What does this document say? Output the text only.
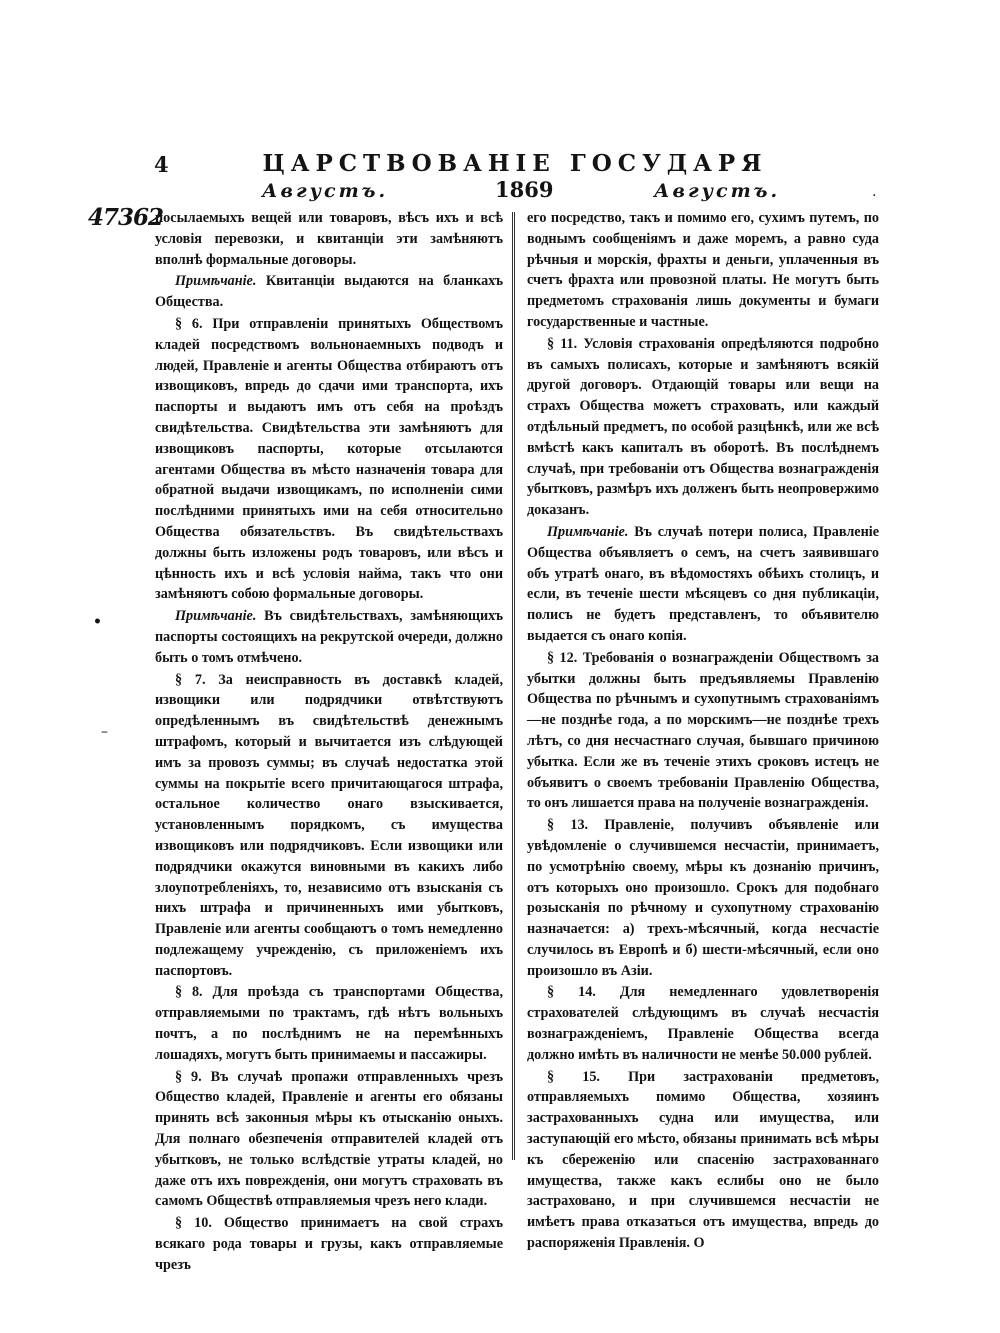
4	ЦАРСТВОВАНІЕ ГОСУДАРЯ
Августъ.	1869	Августъ.	.
47362
•
–

посылаемыхъ вещей или товаровъ, вѣсъ ихъ и всѣ условія перевозки, и квитанціи эти замѣняютъ вполнѣ формальные договоры.

Примѣчаніе. Квитанціи выдаются на бланкахъ Общества.

§ 6. При отправленіи принятыхъ Обществомъ кладей посредствомъ вольнонаемныхъ подводъ и людей, Правленіе и агенты Общества отбираютъ отъ извощиковъ, впредь до сдачи ими транспорта, ихъ паспорты и выдаютъ имъ отъ себя на проѣздъ свидѣтельства. Свидѣтельства эти замѣняютъ для извощиковъ паспорты, которые отсылаются агентами Общества въ мѣсто назначенія товара для обратной выдачи извощикамъ, по исполненіи сими послѣдними принятыхъ ими на себя относительно Общества обязательствъ. Въ свидѣтельствахъ должны быть изложены родъ товаровъ, или вѣсъ и цѣнность ихъ и всѣ условія найма, такъ что они замѣняютъ собою формальные договоры.

Примѣчаніе. Въ свидѣтельствахъ, замѣняющихъ паспорты состоящихъ на рекрутской очереди, должно быть о томъ отмѣчено.

§ 7. За неисправность въ доставкѣ кладей, извощики или подрядчики отвѣтствуютъ опредѣленнымъ въ свидѣтельствѣ денежнымъ штрафомъ, который и вычитается изъ слѣдующей имъ за провозъ суммы; въ случаѣ недостатка этой суммы на покрытіе всего причитающагося штрафа, остальное количество онаго взыскивается, установленнымъ порядкомъ, съ имущества извощиковъ или подрядчиковъ. Если извощики или подрядчики окажутся виновными въ какихъ либо злоупотребленіяхъ, то, независимо отъ взысканія съ нихъ штрафа и причиненныхъ ими убытковъ, Правленіе или агенты сообщаютъ о томъ немедленно подлежащему учрежденію, съ приложеніемъ ихъ паспортовъ.

§ 8. Для проѣзда съ транспортами Общества, отправляемыми по трактамъ, гдѣ нѣтъ вольныхъ почтъ, а по послѣднимъ не на перемѣнныхъ лошадяхъ, могутъ быть принимаемы и пассажиры.

§ 9. Въ случаѣ пропажи отправленныхъ чрезъ Общество кладей, Правленіе и агенты его обязаны принять всѣ законныя мѣры къ отысканію оныхъ. Для полнаго обезпеченія отправителей кладей отъ убытковъ, не только вслѣдствіе утраты кладей, но даже отъ ихъ поврежденія, они могутъ страховать въ самомъ Обществѣ отправляемыя чрезъ него клади.

§ 10. Общество принимаетъ на свой страхъ всякаго рода товары и грузы, какъ отправляемые чрезъ

его посредство, такъ и помимо его, сухимъ путемъ, по воднымъ сообщеніямъ и даже моремъ, а равно суда рѣчныя и морскія, фрахты и деньги, уплаченныя въ счетъ фрахта или провозной платы. Не могутъ быть предметомъ страхованія лишь документы и бумаги государственные и частные.

§ 11. Условія страхованія опредѣляются подробно въ самыхъ полисахъ, которые и замѣняютъ всякій другой договоръ. Отдающій товары или вещи на страхъ Общества можетъ страховать, или каждый отдѣльный предметъ, по особой разцѣнкѣ, или же всѣ вмѣстѣ какъ капиталъ въ оборотѣ. Въ послѣднемъ случаѣ, при требованіи отъ Общества вознагражденія убытковъ, размѣръ ихъ долженъ быть неопровержимо доказанъ.

Примѣчаніе. Въ случаѣ потери полиса, Правленіе Общества объявляетъ о семъ, на счетъ заявившаго объ утратѣ онаго, въ вѣдомостяхъ обѣихъ столицъ, и если, въ теченіе шести мѣсяцевъ со дня публикаціи, полисъ не будетъ представленъ, то объявителю выдается съ онаго копія.

§ 12. Требованія о вознагражденіи Обществомъ за убытки должны быть предъявляемы Правленію Общества по рѣчнымъ и сухопутнымъ страхованіямъ—не позднѣе года, а по морскимъ—не позднѣе трехъ лѣтъ, со дня несчастнаго случая, бывшаго причиною убытка. Если же въ теченіе этихъ сроковъ истецъ не объявитъ о своемъ требованіи Правленію Общества, то онъ лишается права на полученіе вознагражденія.

§ 13. Правленіе, получивъ объявленіе или увѣдомленіе о случившемся несчастіи, принимаетъ, по усмотрѣнію своему, мѣры къ дознанію причинъ, отъ которыхъ оно произошло. Срокъ для подобнаго розысканія по рѣчному и сухопутному страхованію назначается: а) трехъ-мѣсячный, когда несчастіе случилось въ Европѣ и б) шести-мѣсячный, если оно произошло въ Азіи.

§ 14. Для немедленнаго удовлетворенія страхователей слѣдующимъ въ случаѣ несчастія вознагражденіемъ, Правленіе Общества всегда должно имѣть въ наличности не менѣе 50.000 рублей.

§ 15. При застрахованіи предметовъ, отправляемыхъ помимо Общества, хозяинъ застрахованныхъ судна или имущества, или заступающій его мѣсто, обязаны принимать всѣ мѣры къ сбереженію или спасенію застрахованнаго имущества, также какъ еслибы оно не было застраховано, и при случившемся несчастіи не имѣетъ права отказаться отъ имущества, впредь до распоряженія Правленія. О
